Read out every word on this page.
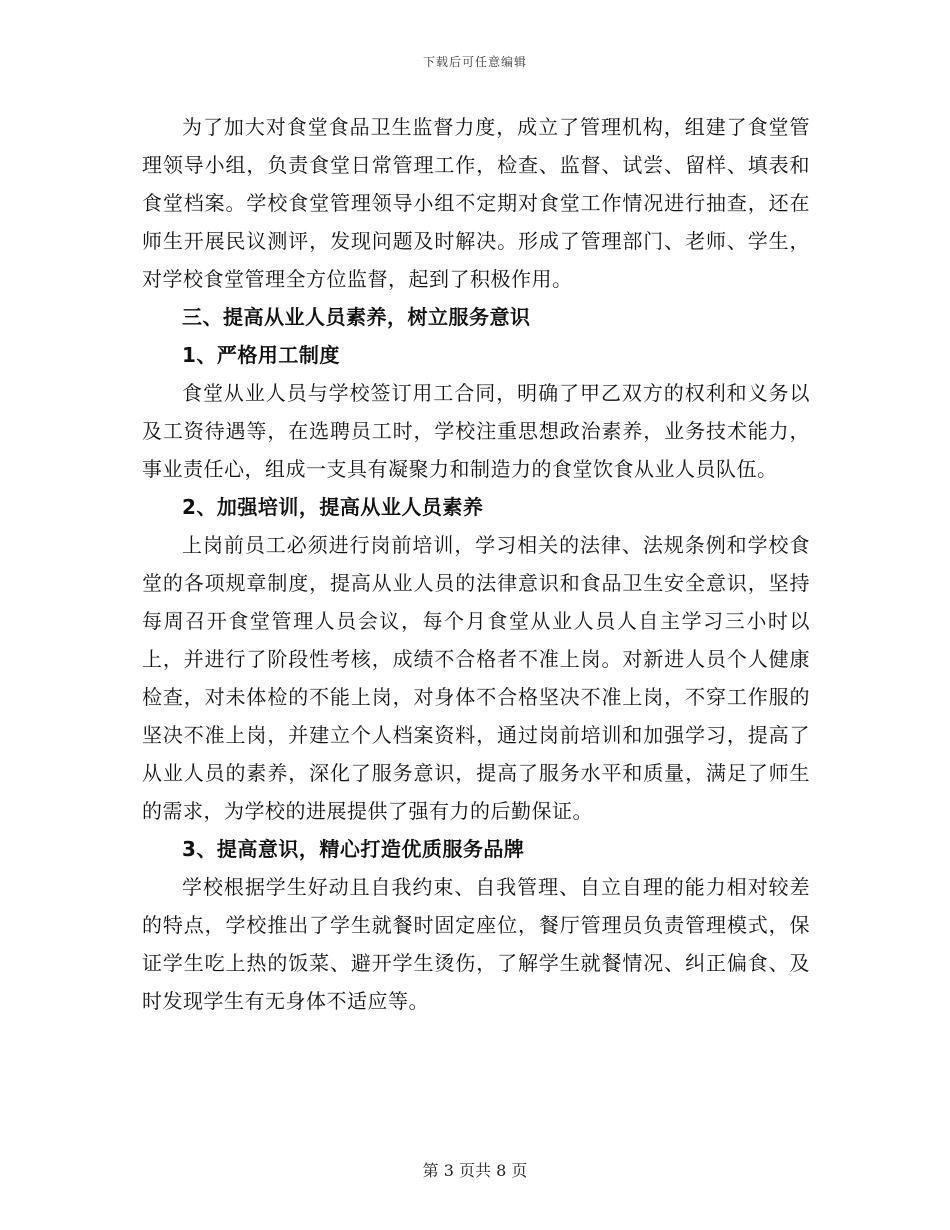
下载后可任意编辑

为了加大对食堂食品卫生监督力度，成立了管理机构，组建了食堂管理领导小组，负责食堂日常管理工作，检查、监督、试尝、留样、填表和食堂档案。学校食堂管理领导小组不定期对食堂工作情况进行抽查，还在师生开展民议测评，发现问题及时解决。形成了管理部门、老师、学生，对学校食堂管理全方位监督，起到了积极作用。

三、提高从业人员素养，树立服务意识

1、严格用工制度

食堂从业人员与学校签订用工合同，明确了甲乙双方的权利和义务以及工资待遇等，在选聘员工时，学校注重思想政治素养，业务技术能力，事业责任心，组成一支具有凝聚力和制造力的食堂饮食从业人员队伍。

2、加强培训，提高从业人员素养

上岗前员工必须进行岗前培训，学习相关的法律、法规条例和学校食堂的各项规章制度，提高从业人员的法律意识和食品卫生安全意识，坚持每周召开食堂管理人员会议，每个月食堂从业人员人自主学习三小时以上，并进行了阶段性考核，成绩不合格者不准上岗。对新进人员个人健康检查，对未体检的不能上岗，对身体不合格坚决不准上岗，不穿工作服的坚决不准上岗，并建立个人档案资料，通过岗前培训和加强学习，提高了从业人员的素养，深化了服务意识，提高了服务水平和质量，满足了师生的需求，为学校的进展提供了强有力的后勤保证。

3、提高意识，精心打造优质服务品牌

学校根据学生好动且自我约束、自我管理、自立自理的能力相对较差的特点，学校推出了学生就餐时固定座位，餐厅管理员负责管理模式，保证学生吃上热的饭菜、避开学生烫伤，了解学生就餐情况、纠正偏食、及时发现学生有无身体不适应等。

第 3 页共 8 页
